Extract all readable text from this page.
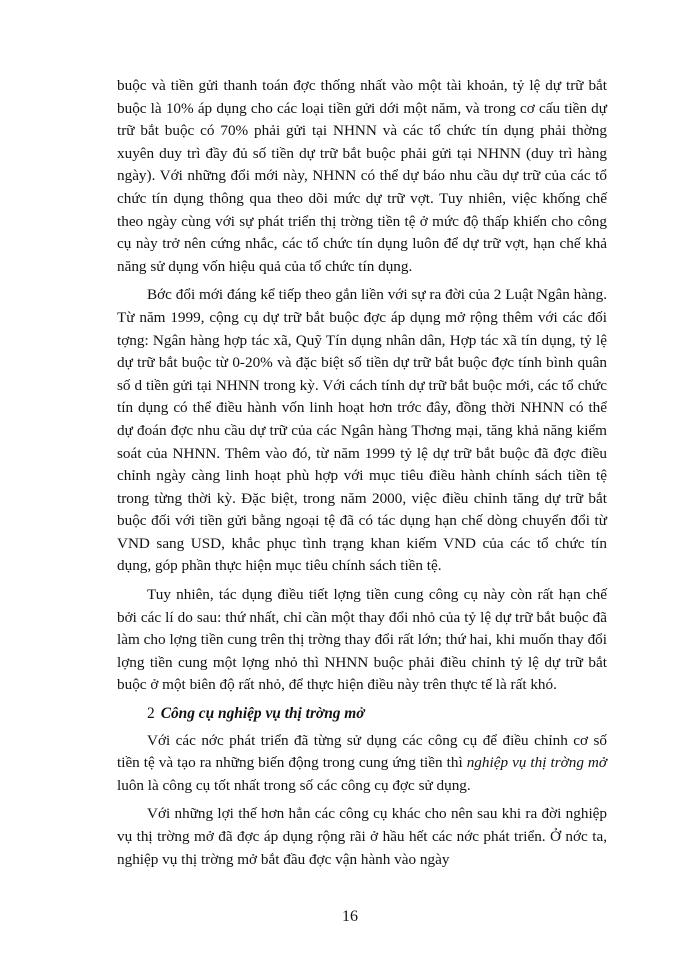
buộc và tiền gửi thanh toán đợc thống nhất vào một tài khoản, tỷ lệ dự trữ bắt buộc là 10% áp dụng cho các loại tiền gửi dới một năm, và trong cơ cấu tiền dự trữ bắt buộc có 70% phải gửi tại NHNN và các tổ chức tín dụng phải thờng xuyên duy trì đầy đủ số tiền dự trữ bắt buộc phải gửi tại NHNN (duy trì hàng ngày). Với những đổi mới này, NHNN có thể dự báo nhu cầu dự trữ của các tổ chức tín dụng thông qua theo dõi mức dự trữ vợt. Tuy nhiên, việc khống chế theo ngày cùng với sự phát triển thị trờng tiền tệ ở mức độ thấp khiến cho công cụ này trở nên cứng nhắc, các tổ chức tín dụng luôn để dự trữ vợt, hạn chế khả năng sử dụng vốn hiệu quả của tổ chức tín dụng.

Bớc đổi mới đáng kể tiếp theo gắn liền với sự ra đời của 2 Luật Ngân hàng. Từ năm 1999, cộng cụ dự trữ bắt buộc đợc áp dụng mở rộng thêm với các đối tợng: Ngân hàng hợp tác xã, Quỹ Tín dụng nhân dân, Hợp tác xã tín dụng, tỷ lệ dự trữ bắt buộc từ 0-20% và đặc biệt số tiền dự trữ bắt buộc đợc tính bình quân số d tiền gửi tại NHNN trong kỳ. Với cách tính dự trữ bắt buộc mới, các tổ chức tín dụng có thể điều hành vốn linh hoạt hơn trớc đây, đồng thời NHNN có thể dự đoán đợc nhu cầu dự trữ của các Ngân hàng Thơng mại, tăng khả năng kiểm soát của NHNN. Thêm vào đó, từ năm 1999 tỷ lệ dự trữ bắt buộc đã đợc điều chỉnh ngày càng linh hoạt phù hợp với mục tiêu điều hành chính sách tiền tệ trong từng thời kỳ. Đặc biệt, trong năm 2000, việc điều chỉnh tăng dự trữ bắt buộc đối với tiền gửi bằng ngoại tệ đã có tác dụng hạn chế dòng chuyển đổi từ VND sang USD, khắc phục tình trạng khan kiếm VND của các tổ chức tín dụng, góp phần thực hiện mục tiêu chính sách tiền tệ.

Tuy nhiên, tác dụng điều tiết lợng tiền cung công cụ này còn rất hạn chế bởi các lí do sau: thứ nhất, chỉ cần một thay đổi nhỏ của tỷ lệ dự trữ bắt buộc đã làm cho lợng tiền cung trên thị trờng thay đổi rất lớn; thứ hai, khi muốn thay đổi lợng tiền cung một lợng nhỏ thì NHNN buộc phải điều chỉnh tỷ lệ dự trữ bắt buộc ở một biên độ rất nhỏ, để thực hiện điều này trên thực tế là rất khó.

2 Công cụ nghiệp vụ thị trờng mở

Với các nớc phát triển đã từng sử dụng các công cụ để điều chỉnh cơ số tiền tệ và tạo ra những biến động trong cung ứng tiền thì nghiệp vụ thị trờng mở luôn là công cụ tốt nhất trong số các công cụ đợc sử dụng.

Với những lợi thế hơn hẳn các công cụ khác cho nên sau khi ra đời nghiệp vụ thị trờng mở đã đợc áp dụng rộng rãi ở hầu hết các nớc phát triển. Ở nớc ta, nghiệp vụ thị trờng mở bắt đầu đợc vận hành vào ngày

16
